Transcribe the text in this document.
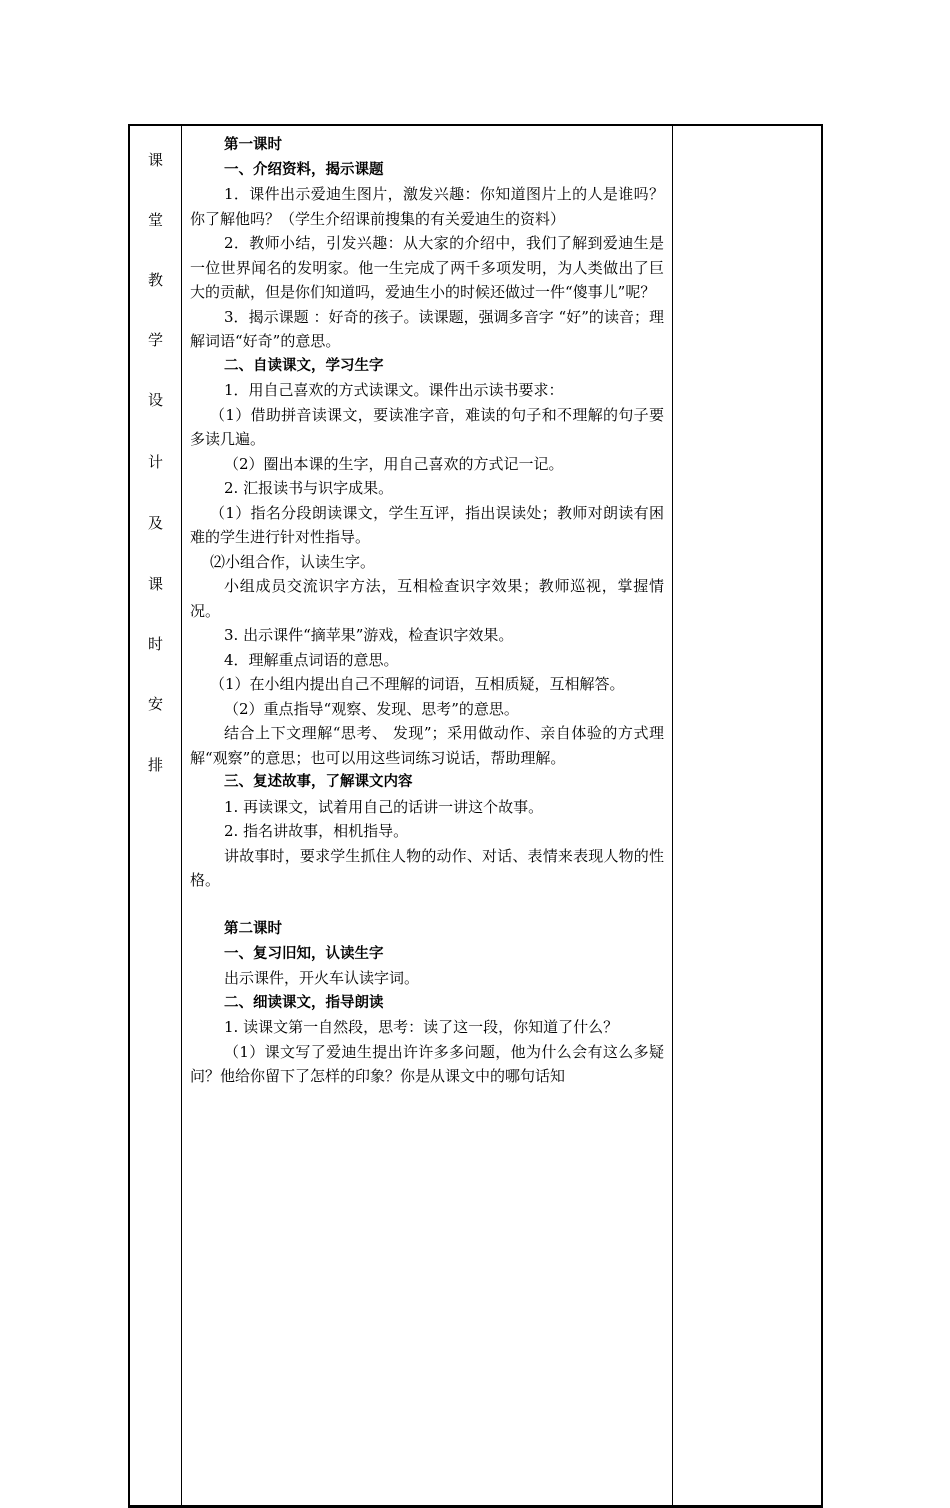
课
堂
教
学
设
计
及
课
时
安
排

第一课时

一、介绍资料，揭示课题

1．课件出示爱迪生图片，激发兴趣：你知道图片上的人是谁吗？你了解他吗？（学生介绍课前搜集的有关爱迪生的资料）

2．教师小结，引发兴趣：从大家的介绍中，我们了解到爱迪生是一位世界闻名的发明家。他一生完成了两千多项发明，为人类做出了巨大的贡献，但是你们知道吗，爱迪生小的时候还做过一件“傻事儿”呢？

3．揭示课题 ：好奇的孩子。读课题，强调多音字 “好”的读音；理解词语“好奇”的意思。

二、自读课文，学习生字

1．用自己喜欢的方式读课文。课件出示读书要求：

（1）借助拼音读课文，要读准字音，难读的句子和不理解的句子要多读几遍。

（2）圈出本课的生字，用自己喜欢的方式记一记。

2. 汇报读书与识字成果。

（1）指名分段朗读课文，学生互评，指出误读处；教师对朗读有困难的学生进行针对性指导。

⑵小组合作，认读生字。

小组成员交流识字方法，互相检查识字效果；教师巡视，掌握情况。

3. 出示课件“摘苹果”游戏，检查识字效果。

4．理解重点词语的意思。

（1）在小组内提出自己不理解的词语，互相质疑，互相解答。

（2）重点指导“观察、发现、思考”的意思。

结合上下文理解“思考、 发现”；采用做动作、亲自体验的方式理解“观察”的意思；也可以用这些词练习说话，帮助理解。

三、复述故事，了解课文内容

1. 再读课文，试着用自己的话讲一讲这个故事。

2. 指名讲故事，相机指导。

讲故事时，要求学生抓住人物的动作、对话、表情来表现人物的性格。

第二课时

一、复习旧知，认读生字

出示课件，开火车认读字词。

二、细读课文，指导朗读

1. 读课文第一自然段，思考：读了这一段，你知道了什么？

（1）课文写了爱迪生提出许许多多问题，他为什么会有这么多疑问？他给你留下了怎样的印象？你是从课文中的哪句话知
